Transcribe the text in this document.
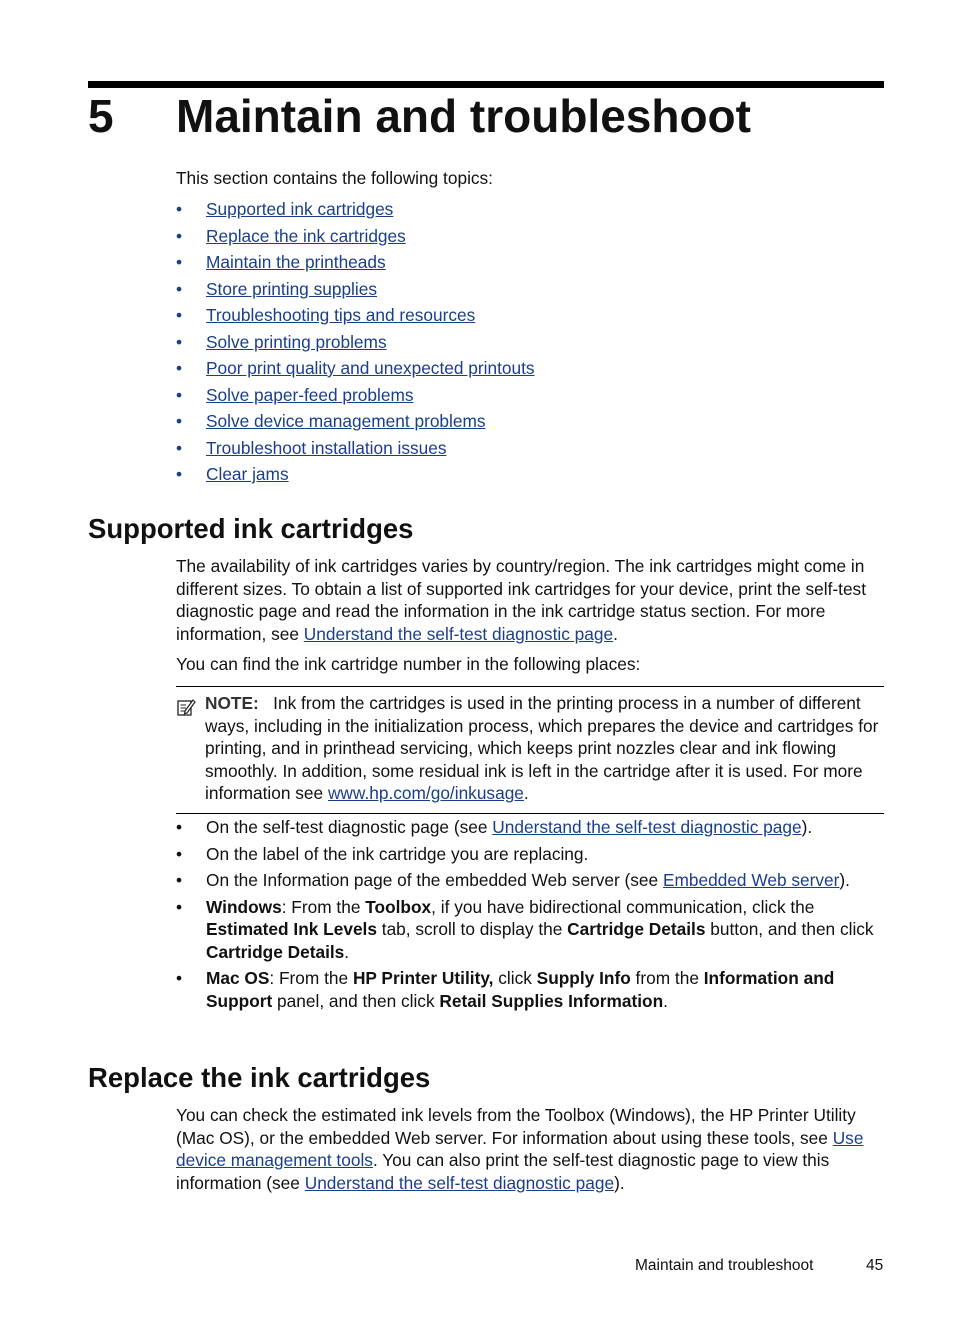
5 Maintain and troubleshoot

This section contains the following topics:

• Supported ink cartridges
• Replace the ink cartridges
• Maintain the printheads
• Store printing supplies
• Troubleshooting tips and resources
• Solve printing problems
• Poor print quality and unexpected printouts
• Solve paper-feed problems
• Solve device management problems
• Troubleshoot installation issues
• Clear jams
Supported ink cartridges

The availability of ink cartridges varies by country/region. The ink cartridges might come in different sizes. To obtain a list of supported ink cartridges for your device, print the self-test diagnostic page and read the information in the ink cartridge status section. For more information, see Understand the self-test diagnostic page.

You can find the ink cartridge number in the following places:

NOTE: Ink from the cartridges is used in the printing process in a number of different ways, including in the initialization process, which prepares the device and cartridges for printing, and in printhead servicing, which keeps print nozzles clear and ink flowing smoothly. In addition, some residual ink is left in the cartridge after it is used. For more information see www.hp.com/go/inkusage.
• On the self-test diagnostic page (see Understand the self-test diagnostic page).
• On the label of the ink cartridge you are replacing.
• On the Information page of the embedded Web server (see Embedded Web server).
• Windows: From the Toolbox, if you have bidirectional communication, click the Estimated Ink Levels tab, scroll to display the Cartridge Details button, and then click Cartridge Details.
• Mac OS: From the HP Printer Utility, click Supply Info from the Information and Support panel, and then click Retail Supplies Information.
Replace the ink cartridges

You can check the estimated ink levels from the Toolbox (Windows), the HP Printer Utility (Mac OS), or the embedded Web server. For information about using these tools, see Use device management tools. You can also print the self-test diagnostic page to view this information (see Understand the self-test diagnostic page).

Maintain and troubleshoot	45
